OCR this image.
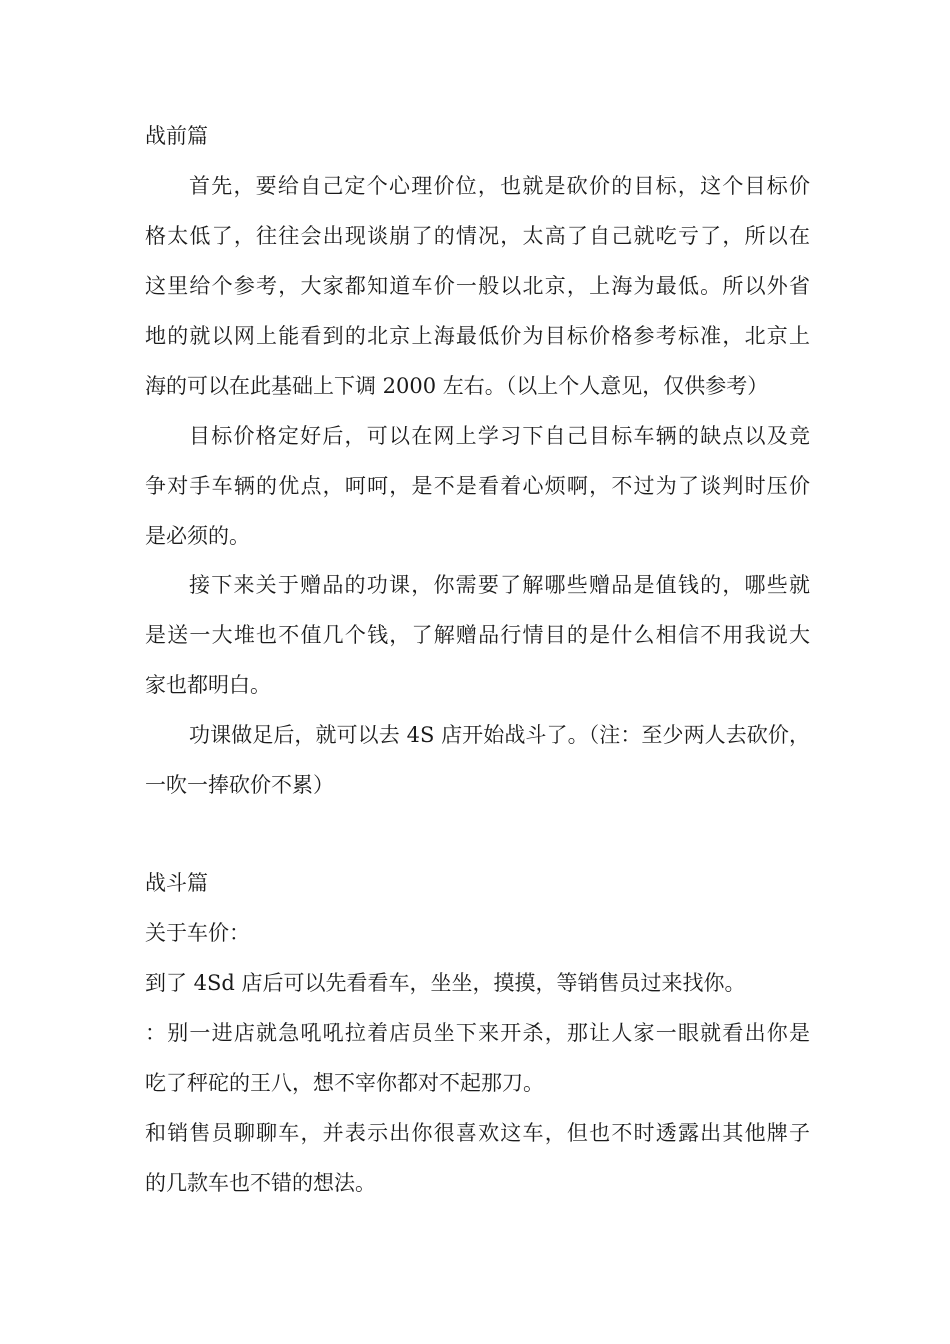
战前篇
首先，要给自己定个心理价位，也就是砍价的目标，这个目标价
格太低了，往往会出现谈崩了的情况，太高了自己就吃亏了，所以在
这里给个参考，大家都知道车价一般以北京，上海为最低。所以外省
地的就以网上能看到的北京上海最低价为目标价格参考标准，北京上
海的可以在此基础上下调 2000 左右。（以上个人意见，仅供参考）
目标价格定好后，可以在网上学习下自己目标车辆的缺点以及竞
争对手车辆的优点，呵呵，是不是看着心烦啊，不过为了谈判时压价
是必须的。
接下来关于赠品的功课，你需要了解哪些赠品是值钱的，哪些就
是送一大堆也不值几个钱，了解赠品行情目的是什么相信不用我说大
家也都明白。
功课做足后，就可以去 4S 店开始战斗了。（注：至少两人去砍价，
一吹一捧砍价不累）
战斗篇
关于车价：
到了 4Sd 店后可以先看看车，坐坐，摸摸，等销售员过来找你。
：别一进店就急吼吼拉着店员坐下来开杀，那让人家一眼就看出你是
吃了秤砣的王八，想不宰你都对不起那刀。
和销售员聊聊车，并表示出你很喜欢这车，但也不时透露出其他牌子
的几款车也不错的想法。
